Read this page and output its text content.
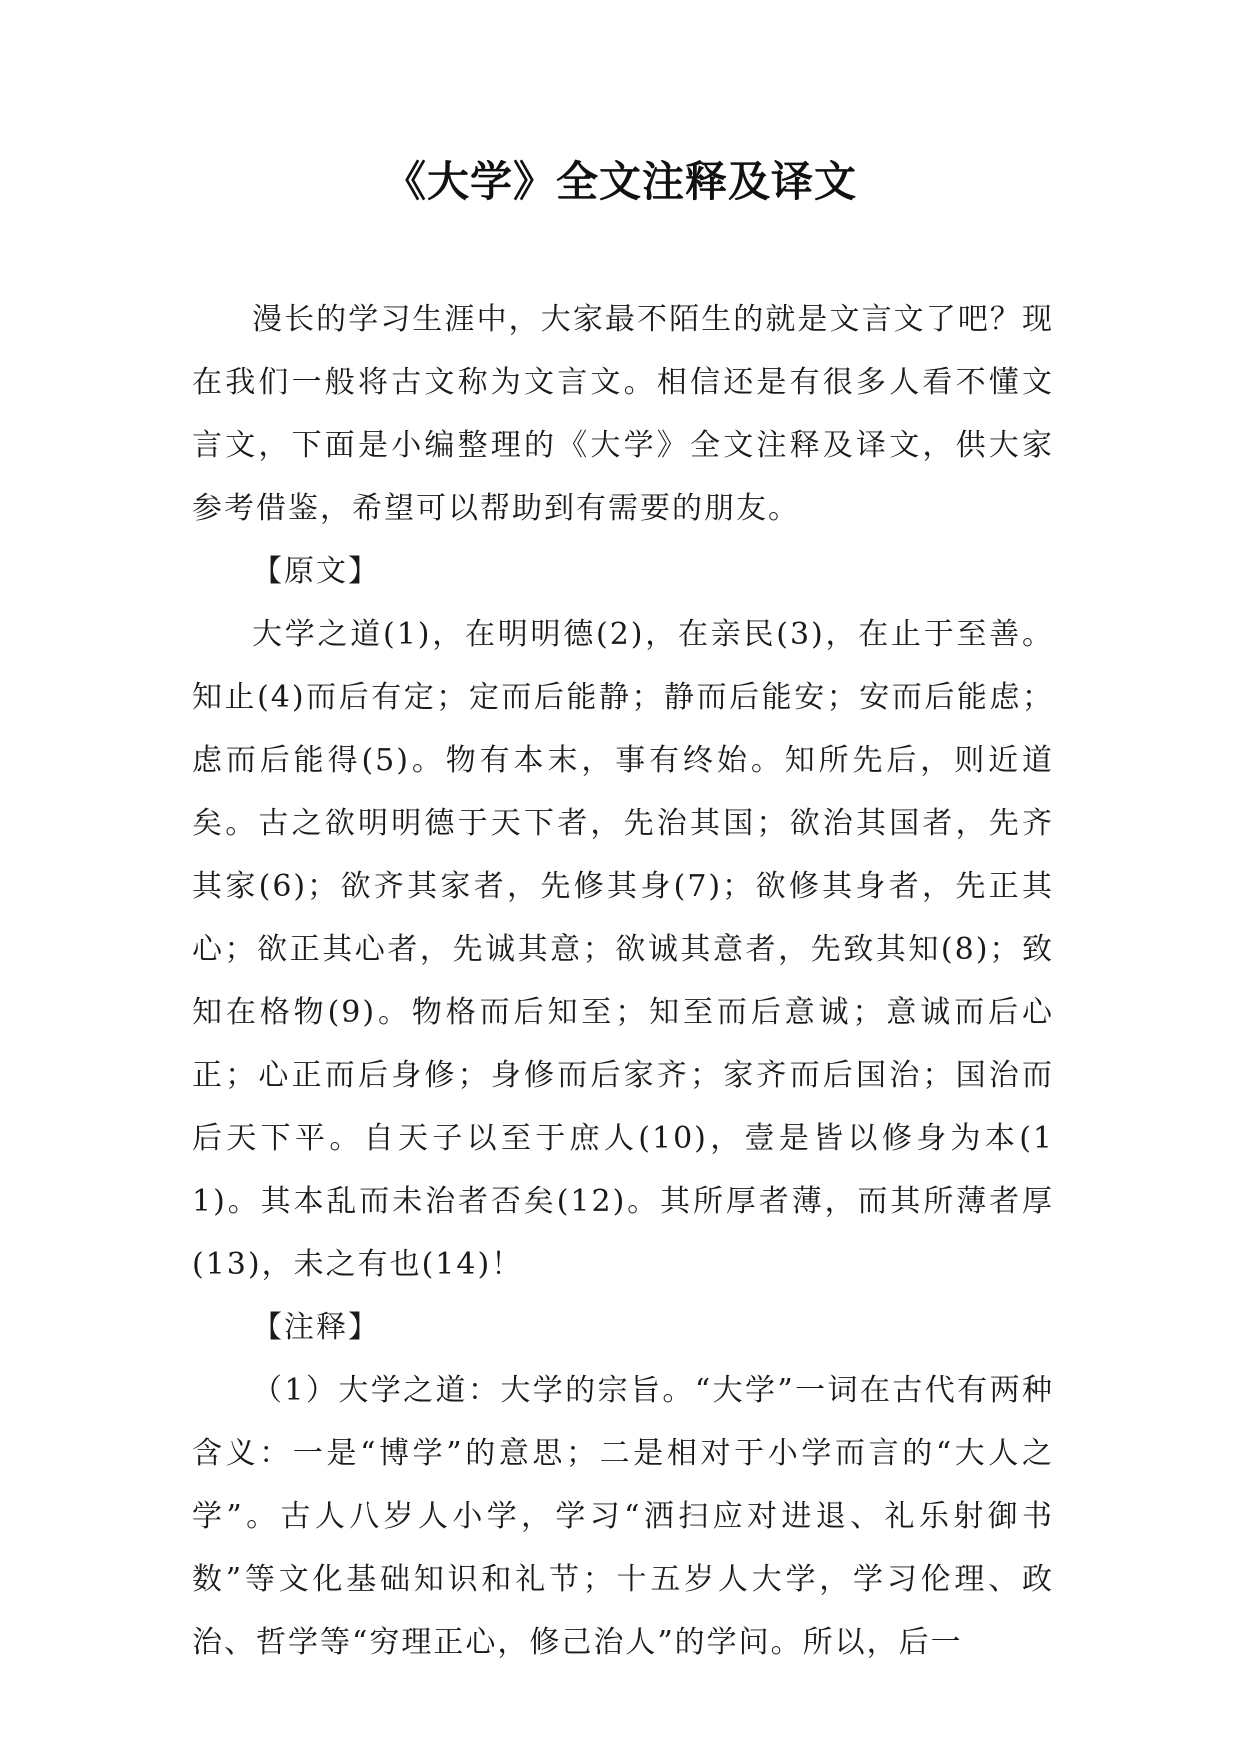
《大学》全文注释及译文

漫长的学习生涯中，大家最不陌生的就是文言文了吧？现在我们一般将古文称为文言文。相信还是有很多人看不懂文言文，下面是小编整理的《大学》全文注释及译文，供大家参考借鉴，希望可以帮助到有需要的朋友。

【原文】

大学之道(1)，在明明德(2)，在亲民(3)，在止于至善。知止(4)而后有定；定而后能静；静而后能安；安而后能虑；虑而后能得(5)。物有本末，事有终始。知所先后，则近道矣。古之欲明明德于天下者，先治其国；欲治其国者，先齐其家(6)；欲齐其家者，先修其身(7)；欲修其身者，先正其心；欲正其心者，先诚其意；欲诚其意者，先致其知(8)；致知在格物(9)。物格而后知至；知至而后意诚；意诚而后心正；心正而后身修；身修而后家齐；家齐而后国治；国治而后天下平。自天子以至于庶人(10)，壹是皆以修身为本(11)。其本乱而未治者否矣(12)。其所厚者薄，而其所薄者厚(13)，未之有也(14)！

【注释】

（1）大学之道：大学的宗旨。“大学”一词在古代有两种含义：一是“博学”的意思；二是相对于小学而言的“大人之学”。古人八岁人小学，学习“洒扫应对进退、礼乐射御书数”等文化基础知识和礼节；十五岁人大学，学习伦理、政治、哲学等“穷理正心，修己治人”的学问。所以，后一
